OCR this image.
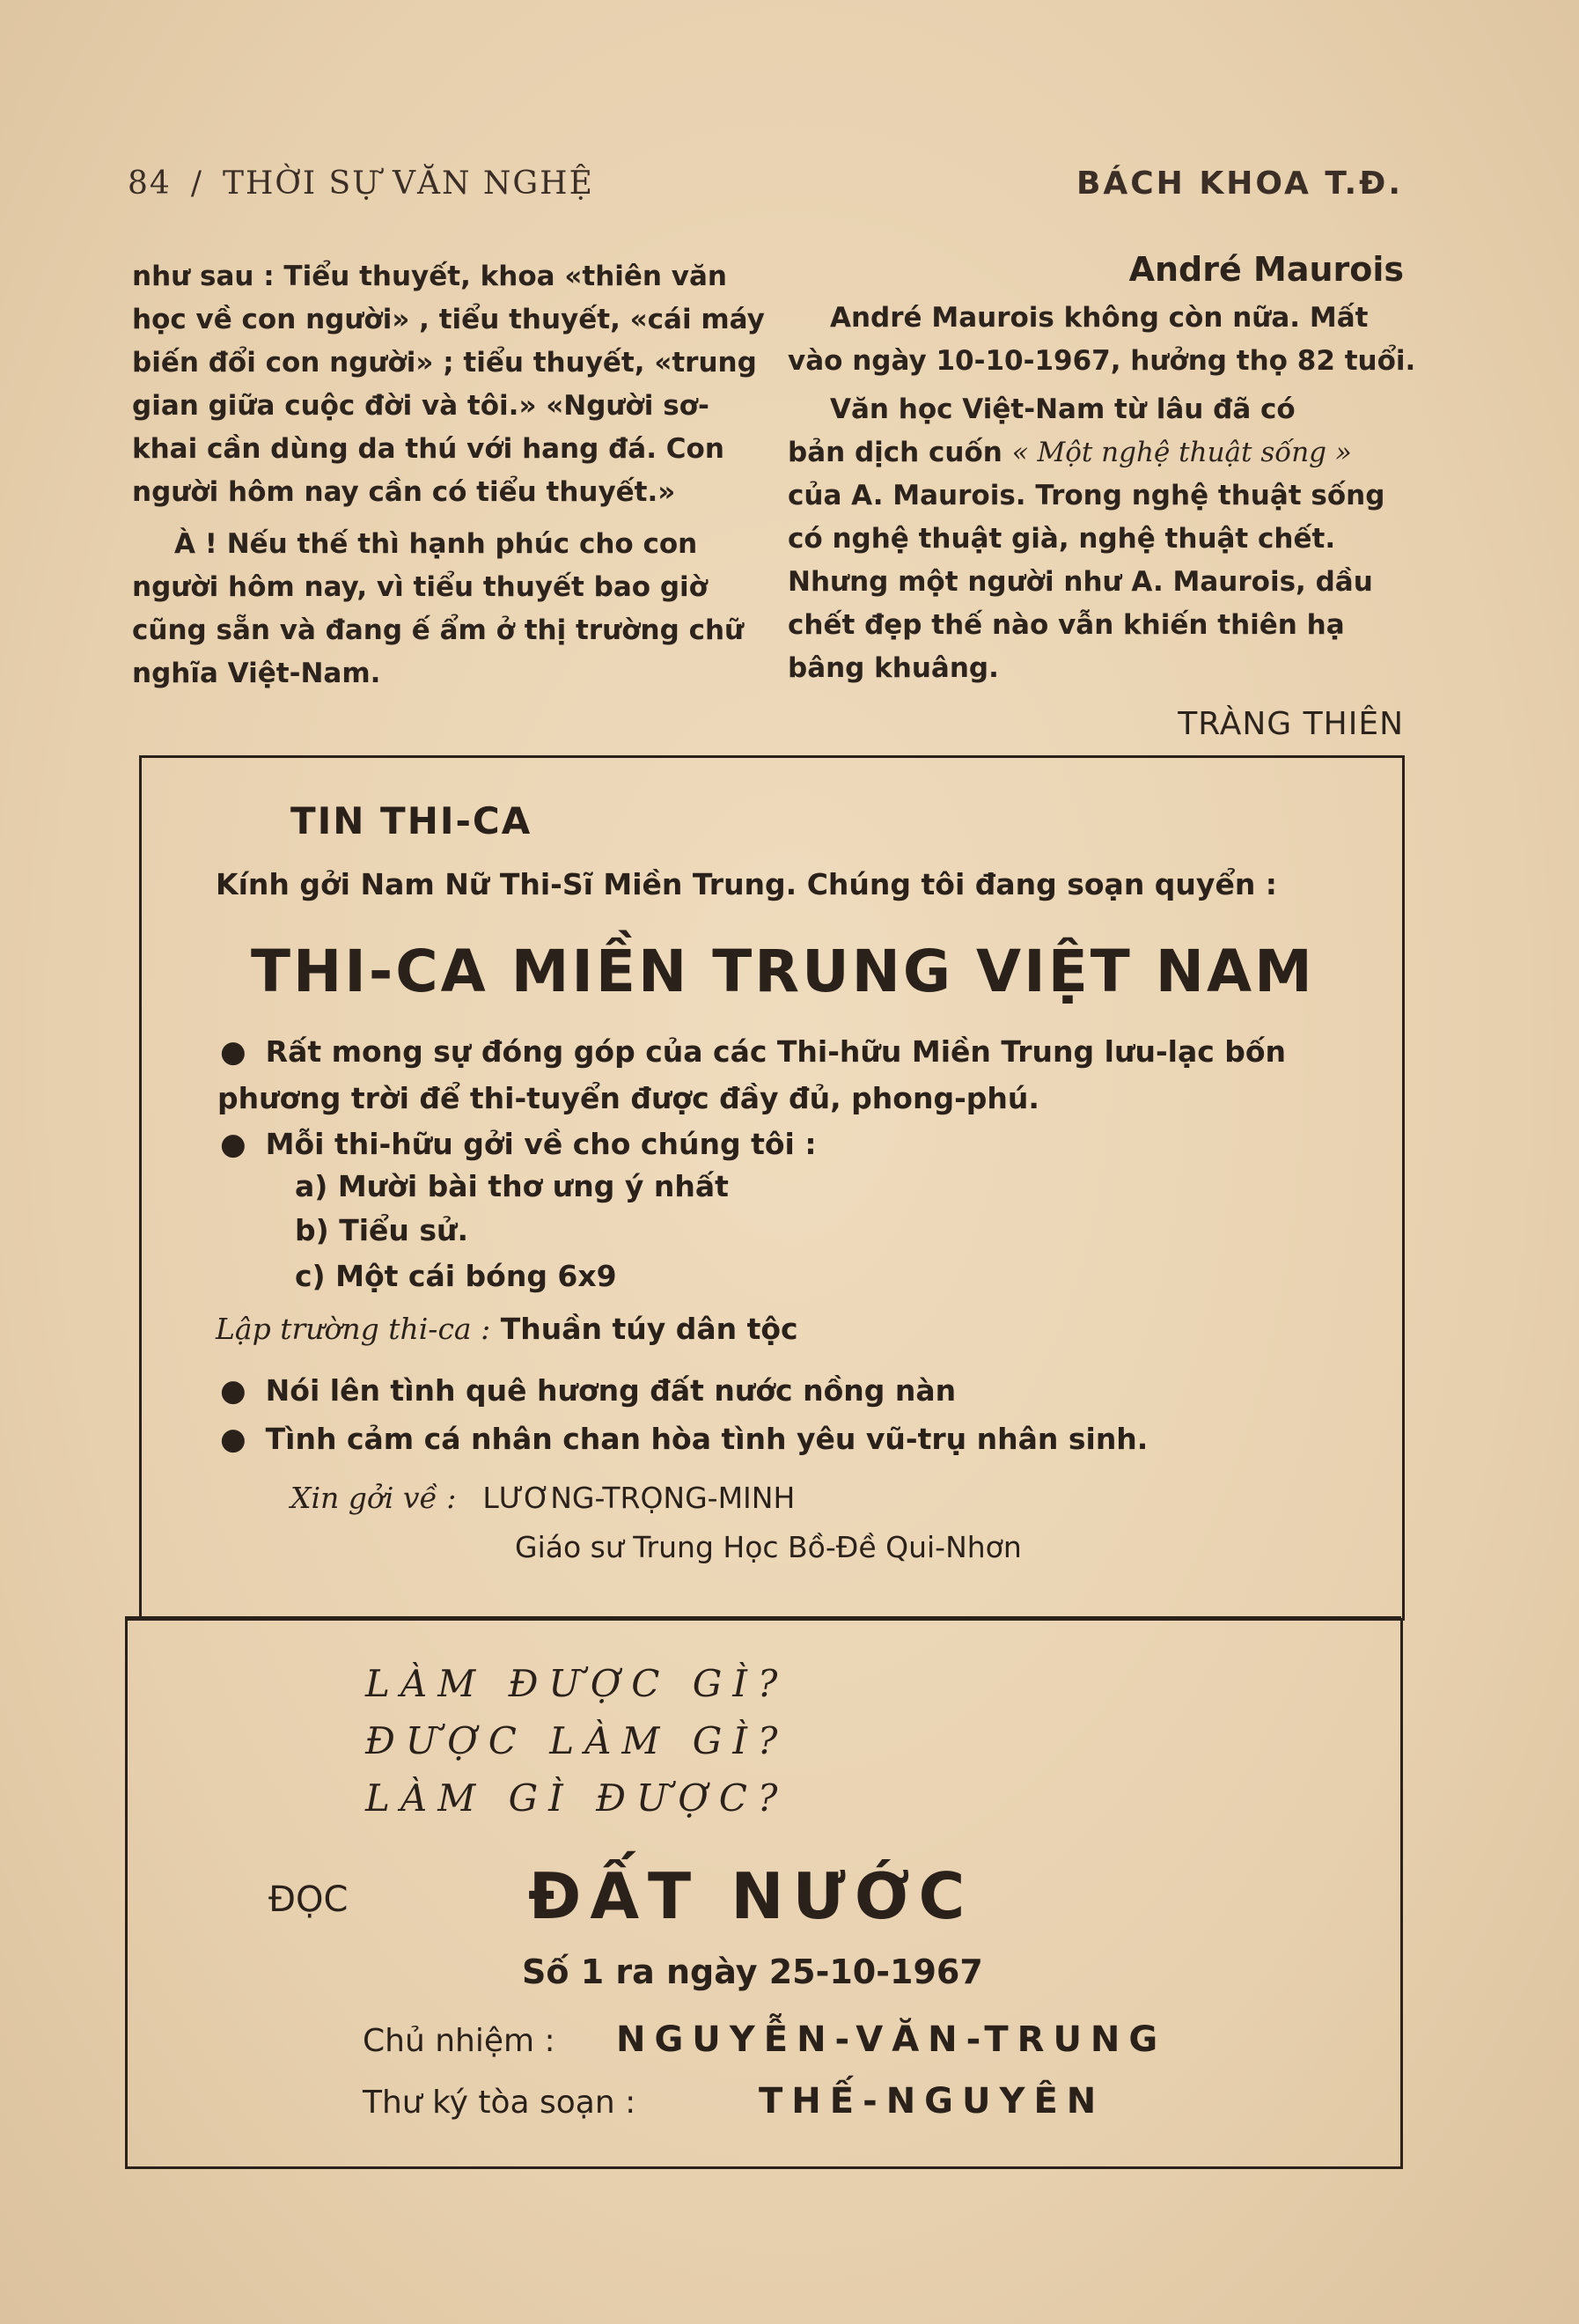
84 / THỜI SỰ VĂN NGHỆ	BÁCH KHOA T.Đ.

như sau : Tiểu thuyết, khoa «thiên văn
học về con người» , tiểu thuyết, «cái máy
biến đổi con người» ; tiểu thuyết, «trung
gian giữa cuộc đời và tôi.» «Người sơ-
khai cần dùng da thú với hang đá. Con
người hôm nay cần có tiểu thuyết.»

À ! Nếu thế thì hạnh phúc cho con
người hôm nay, vì tiểu thuyết bao giờ
cũng sẵn và đang ế ẩm ở thị trường chữ
nghĩa Việt-Nam.

André Maurois

André Maurois không còn nữa. Mất
vào ngày 10-10-1967, hưởng thọ 82 tuổi.

Văn học Việt-Nam từ lâu đã có
bản dịch cuốn « Một nghệ thuật sống »
của A. Maurois. Trong nghệ thuật sống
có nghệ thuật già, nghệ thuật chết.
Nhưng một người như A. Maurois, dầu
chết đẹp thế nào vẫn khiến thiên hạ
bâng khuâng.

TRÀNG THIÊN
TIN THI-CA
Kính gởi Nam Nữ Thi-Sĩ Miền Trung. Chúng tôi đang soạn quyển :
THI-CA MIỀN TRUNG VIỆT NAM
● Rất mong sự đóng góp của các Thi-hữu Miền Trung lưu-lạc bốn
phương trời để thi-tuyển được đầy đủ, phong-phú.
● Mỗi thi-hữu gởi về cho chúng tôi :
a) Mười bài thơ ưng ý nhất
b) Tiểu sử.
c) Một cái bóng 6x9
Lập trường thi-ca : Thuần túy dân tộc
● Nói lên tình quê hương đất nước nồng nàn
● Tình cảm cá nhân chan hòa tình yêu vũ-trụ nhân sinh.
Xin gởi về : LƯƠNG-TRỌNG-MINH
Giáo sư Trung Học Bồ-Đề Qui-Nhơn
LÀM ĐƯỢC GÌ?
ĐƯỢC LÀM GÌ?
LÀM GÌ ĐƯỢC?
ĐỌC	ĐẤT NƯỚC
Số 1 ra ngày 25-10-1967
Chủ nhiệm : NGUYỄN-VĂN-TRUNG
Thư ký tòa soạn :	THẾ-NGUYÊN
